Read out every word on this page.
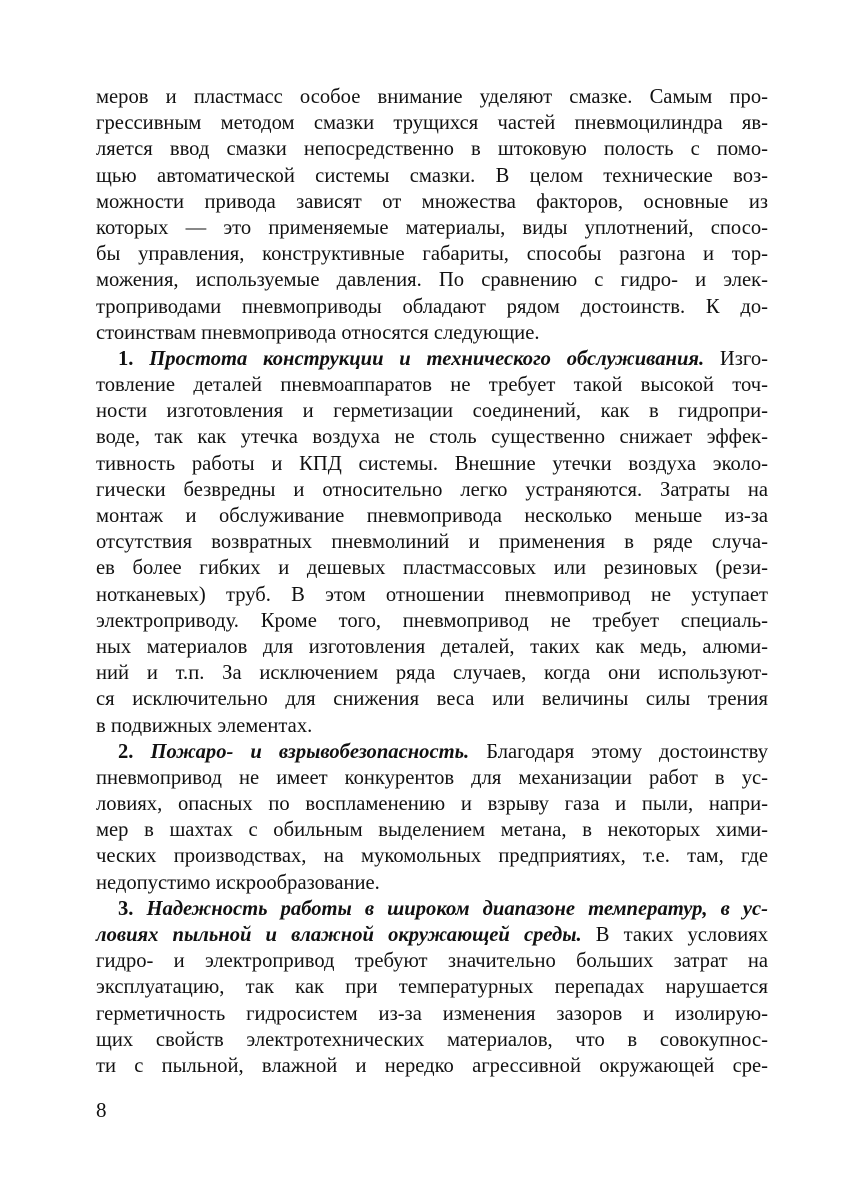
меров и пластмасс особое внимание уделяют смазке. Самым про-
грессивным методом смазки трущихся частей пневмоцилиндра яв-
ляется ввод смазки непосредственно в штоковую полость с помо-
щью автоматической системы смазки. В целом технические воз-
можности привода зависят от множества факторов, основные из
которых — это применяемые материалы, виды уплотнений, спосо-
бы управления, конструктивные габариты, способы разгона и тор-
можения, используемые давления. По сравнению с гидро- и элек-
троприводами пневмоприводы обладают рядом достоинств. К до-
стоинствам пневмопривода относятся следующие.
1. Простота конструкции и технического обслуживания. Изго-
товление деталей пневмоаппаратов не требует такой высокой точ-
ности изготовления и герметизации соединений, как в гидропри-
воде, так как утечка воздуха не столь существенно снижает эффек-
тивность работы и КПД системы. Внешние утечки воздуха эколо-
гически безвредны и относительно легко устраняются. Затраты на
монтаж и обслуживание пневмопривода несколько меньше из-за
отсутствия возвратных пневмолиний и применения в ряде случа-
ев более гибких и дешевых пластмассовых или резиновых (рези-
нотканевых) труб. В этом отношении пневмопривод не уступает
электроприводу. Кроме того, пневмопривод не требует специаль-
ных материалов для изготовления деталей, таких как медь, алюми-
ний и т.п. За исключением ряда случаев, когда они используют-
ся исключительно для снижения веса или величины силы трения
в подвижных элементах.
2. Пожаро- и взрывобезопасность. Благодаря этому достоинству
пневмопривод не имеет конкурентов для механизации работ в ус-
ловиях, опасных по воспламенению и взрыву газа и пыли, напри-
мер в шахтах с обильным выделением метана, в некоторых хими-
ческих производствах, на мукомольных предприятиях, т.е. там, где
недопустимо искрообразование.
3. Надежность работы в широком диапазоне температур, в ус-
ловиях пыльной и влажной окружающей среды. В таких условиях
гидро- и электропривод требуют значительно больших затрат на
эксплуатацию, так как при температурных перепадах нарушается
герметичность гидросистем из-за изменения зазоров и изолирую-
щих свойств электротехнических материалов, что в совокупнос-
ти с пыльной, влажной и нередко агрессивной окружающей сре-
8
